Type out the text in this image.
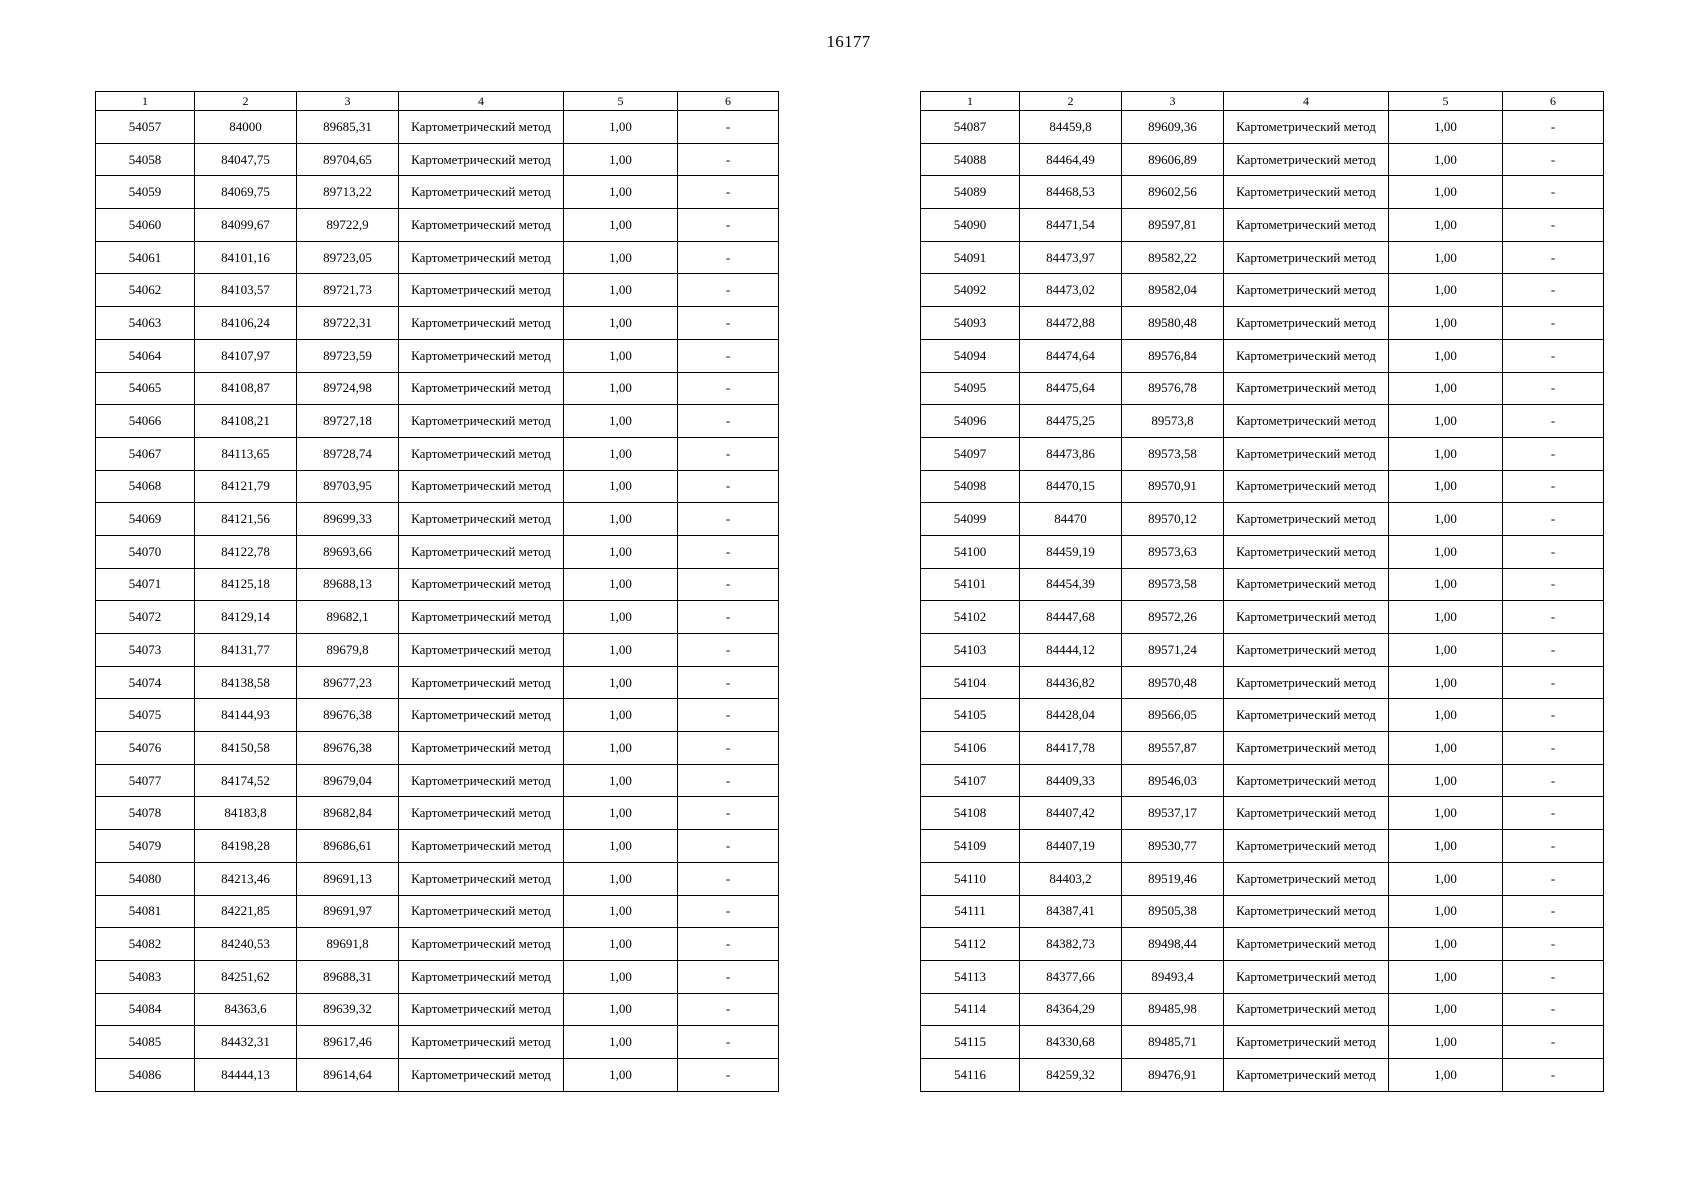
16177
1	2	3	4	5	6
54057	84000	89685,31	Картометрический метод	1,00	-
54058	84047,75	89704,65	Картометрический метод	1,00	-
54059	84069,75	89713,22	Картометрический метод	1,00	-
54060	84099,67	89722,9	Картометрический метод	1,00	-
54061	84101,16	89723,05	Картометрический метод	1,00	-
54062	84103,57	89721,73	Картометрический метод	1,00	-
54063	84106,24	89722,31	Картометрический метод	1,00	-
54064	84107,97	89723,59	Картометрический метод	1,00	-
54065	84108,87	89724,98	Картометрический метод	1,00	-
54066	84108,21	89727,18	Картометрический метод	1,00	-
54067	84113,65	89728,74	Картометрический метод	1,00	-
54068	84121,79	89703,95	Картометрический метод	1,00	-
54069	84121,56	89699,33	Картометрический метод	1,00	-
54070	84122,78	89693,66	Картометрический метод	1,00	-
54071	84125,18	89688,13	Картометрический метод	1,00	-
54072	84129,14	89682,1	Картометрический метод	1,00	-
54073	84131,77	89679,8	Картометрический метод	1,00	-
54074	84138,58	89677,23	Картометрический метод	1,00	-
54075	84144,93	89676,38	Картометрический метод	1,00	-
54076	84150,58	89676,38	Картометрический метод	1,00	-
54077	84174,52	89679,04	Картометрический метод	1,00	-
54078	84183,8	89682,84	Картометрический метод	1,00	-
54079	84198,28	89686,61	Картометрический метод	1,00	-
54080	84213,46	89691,13	Картометрический метод	1,00	-
54081	84221,85	89691,97	Картометрический метод	1,00	-
54082	84240,53	89691,8	Картометрический метод	1,00	-
54083	84251,62	89688,31	Картометрический метод	1,00	-
54084	84363,6	89639,32	Картометрический метод	1,00	-
54085	84432,31	89617,46	Картометрический метод	1,00	-
54086	84444,13	89614,64	Картометрический метод	1,00	-
1	2	3	4	5	6
54087	84459,8	89609,36	Картометрический метод	1,00	-
54088	84464,49	89606,89	Картометрический метод	1,00	-
54089	84468,53	89602,56	Картометрический метод	1,00	-
54090	84471,54	89597,81	Картометрический метод	1,00	-
54091	84473,97	89582,22	Картометрический метод	1,00	-
54092	84473,02	89582,04	Картометрический метод	1,00	-
54093	84472,88	89580,48	Картометрический метод	1,00	-
54094	84474,64	89576,84	Картометрический метод	1,00	-
54095	84475,64	89576,78	Картометрический метод	1,00	-
54096	84475,25	89573,8	Картометрический метод	1,00	-
54097	84473,86	89573,58	Картометрический метод	1,00	-
54098	84470,15	89570,91	Картометрический метод	1,00	-
54099	84470	89570,12	Картометрический метод	1,00	-
54100	84459,19	89573,63	Картометрический метод	1,00	-
54101	84454,39	89573,58	Картометрический метод	1,00	-
54102	84447,68	89572,26	Картометрический метод	1,00	-
54103	84444,12	89571,24	Картометрический метод	1,00	-
54104	84436,82	89570,48	Картометрический метод	1,00	-
54105	84428,04	89566,05	Картометрический метод	1,00	-
54106	84417,78	89557,87	Картометрический метод	1,00	-
54107	84409,33	89546,03	Картометрический метод	1,00	-
54108	84407,42	89537,17	Картометрический метод	1,00	-
54109	84407,19	89530,77	Картометрический метод	1,00	-
54110	84403,2	89519,46	Картометрический метод	1,00	-
54111	84387,41	89505,38	Картометрический метод	1,00	-
54112	84382,73	89498,44	Картометрический метод	1,00	-
54113	84377,66	89493,4	Картометрический метод	1,00	-
54114	84364,29	89485,98	Картометрический метод	1,00	-
54115	84330,68	89485,71	Картометрический метод	1,00	-
54116	84259,32	89476,91	Картометрический метод	1,00	-
